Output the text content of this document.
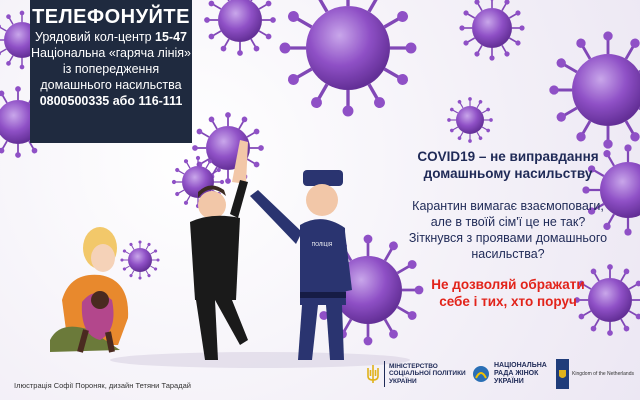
ПОЛІЦІЯ
ТЕЛЕФОНУЙТЕ
Урядовий кол-центр 15-47
Національна «гаряча лінія»
із попередження
домашнього насильства
0800500335 або 116-111
COVID19 – не виправдання
домашньому насильству
Карантин вимагає взаємоповаги,
але в твоїй сім'ї це не так?
Зіткнувся з проявами домашнього
насильства?
Не дозволяй ображати
себе і тих, хто поруч
Ілюстрація Софії Пороняк, дизайн Тетяни Тарадай
МІНІСТЕРСТВО
СОЦІАЛЬНОЇ ПОЛІТИКИ
УКРАЇНИ
НАЦІОНАЛЬНА
РАДА ЖІНОК
УКРАЇНИ
Kingdom of the Netherlands
